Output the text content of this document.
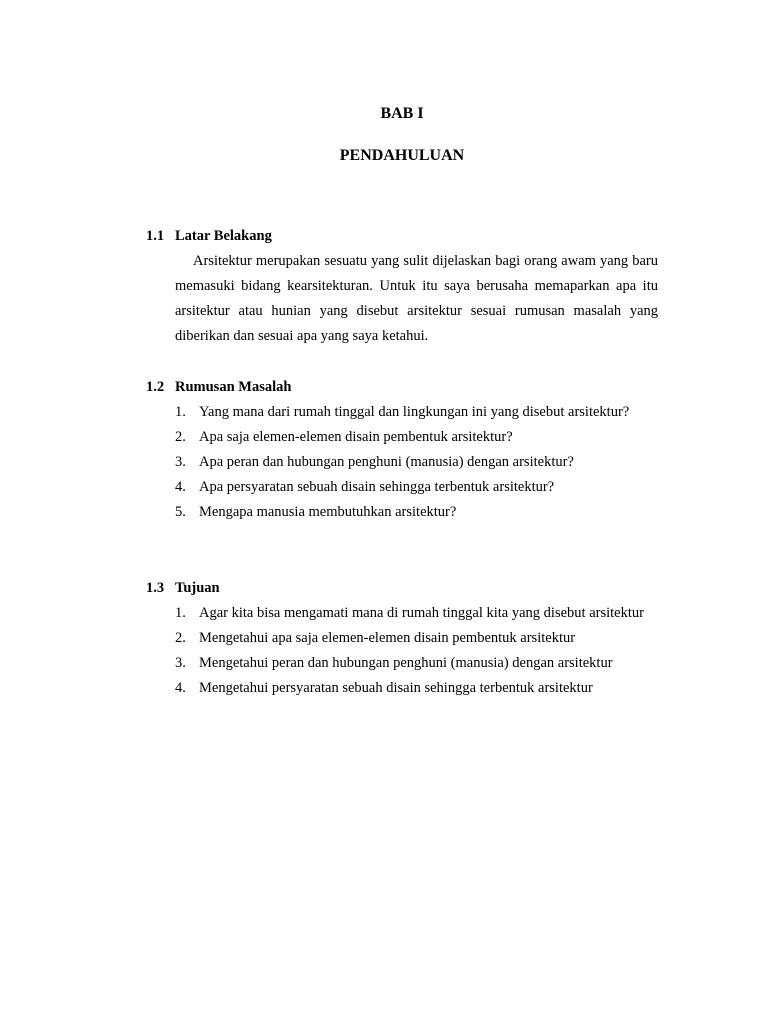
BAB I
PENDAHULUAN
1.1 Latar Belakang

Arsitektur merupakan sesuatu yang sulit dijelaskan bagi orang awam yang baru memasuki bidang kearsitekturan. Untuk itu saya berusaha memaparkan apa itu arsitektur atau hunian yang disebut arsitektur sesuai rumusan masalah yang diberikan dan sesuai apa yang saya ketahui.

1.2 Rumusan Masalah
1. Yang mana dari rumah tinggal dan lingkungan ini yang disebut arsitektur?
2. Apa saja elemen-elemen disain pembentuk arsitektur?
3. Apa peran dan hubungan penghuni (manusia) dengan arsitektur?
4. Apa persyaratan sebuah disain sehingga terbentuk arsitektur?
5. Mengapa manusia membutuhkan arsitektur?
1.3 Tujuan
1. Agar kita bisa mengamati mana di rumah tinggal kita yang disebut arsitektur
2. Mengetahui apa saja elemen-elemen disain pembentuk arsitektur
3. Mengetahui peran dan hubungan penghuni (manusia) dengan arsitektur
4. Mengetahui persyaratan sebuah disain sehingga terbentuk arsitektur
